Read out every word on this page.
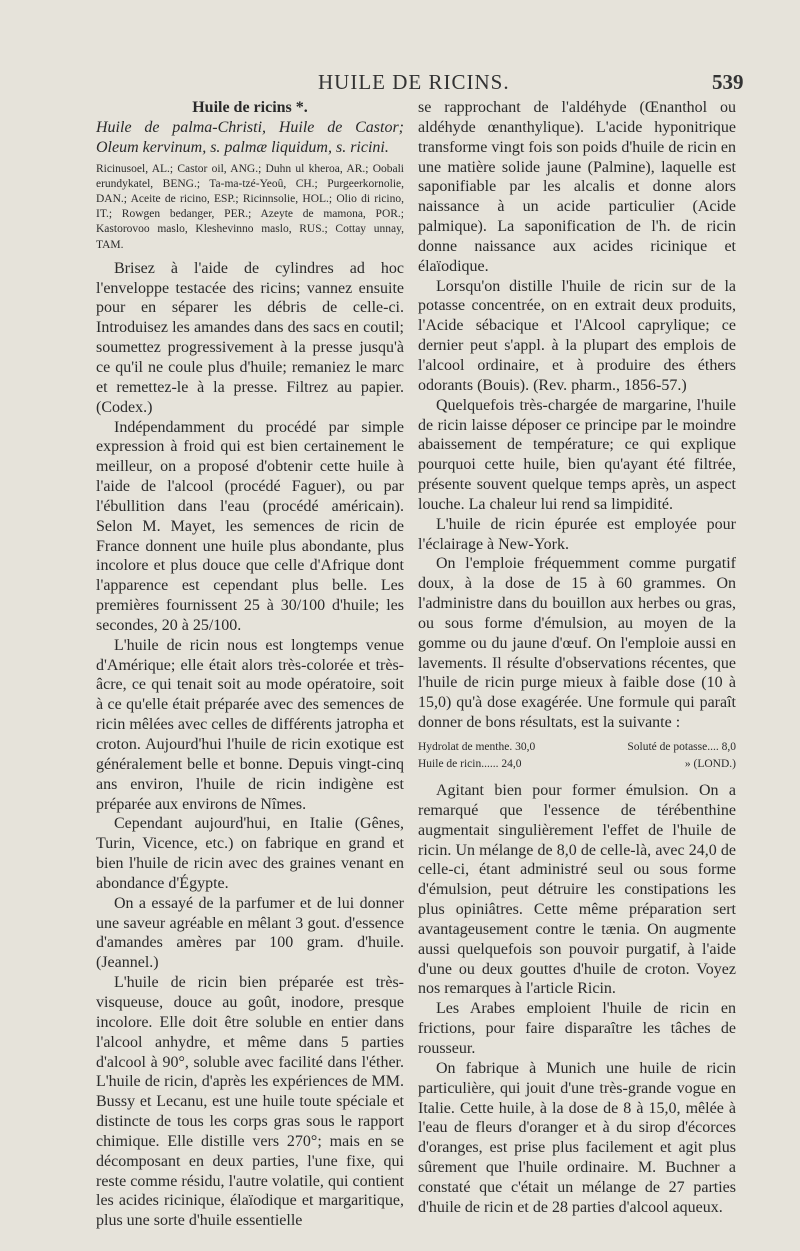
HUILE DE RICINS.	539

Huile de ricins *.

Huile de palma-Christi, Huile de Castor; Oleum kervinum, s. palmæ liquidum, s. ricini.

Ricinusoel, AL.; Castor oil, ANG.; Duhn ul kheroa, AR.; Oobali erundykatel, BENG.; Ta-ma-tzé-Yeoû, CH.; Purgeerkornolie, DAN.; Aceite de ricino, ESP.; Ricinnsolie, HOL.; Olio di ricino, IT.; Rowgen bedanger, PER.; Azeyte de mamona, POR.; Kastorovoo maslo, Kleshevinno maslo, RUS.; Cottay unnay, TAM.

Brisez à l'aide de cylindres ad hoc l'enveloppe testacée des ricins; vannez ensuite pour en séparer les débris de celle-ci. Introduisez les amandes dans des sacs en coutil; soumettez progressivement à la presse jusqu'à ce qu'il ne coule plus d'huile; remaniez le marc et remettez-le à la presse. Filtrez au papier. (Codex.)

Indépendamment du procédé par simple expression à froid qui est bien certainement le meilleur, on a proposé d'obtenir cette huile à l'aide de l'alcool (procédé Faguer), ou par l'ébullition dans l'eau (procédé américain). Selon M. Mayet, les semences de ricin de France donnent une huile plus abondante, plus incolore et plus douce que celle d'Afrique dont l'apparence est cependant plus belle. Les premières fournissent 25 à 30/100 d'huile; les secondes, 20 à 25/100.

L'huile de ricin nous est longtemps venue d'Amérique; elle était alors très-colorée et très-âcre, ce qui tenait soit au mode opératoire, soit à ce qu'elle était préparée avec des semences de ricin mêlées avec celles de différents jatropha et croton. Aujourd'hui l'huile de ricin exotique est généralement belle et bonne. Depuis vingt-cinq ans environ, l'huile de ricin indigène est préparée aux environs de Nîmes.

Cependant aujourd'hui, en Italie (Gênes, Turin, Vicence, etc.) on fabrique en grand et bien l'huile de ricin avec des graines venant en abondance d'Égypte.

On a essayé de la parfumer et de lui donner une saveur agréable en mêlant 3 gout. d'essence d'amandes amères par 100 gram. d'huile. (Jeannel.)

L'huile de ricin bien préparée est très-visqueuse, douce au goût, inodore, presque incolore. Elle doit être soluble en entier dans l'alcool anhydre, et même dans 5 parties d'alcool à 90°, soluble avec facilité dans l'éther. L'huile de ricin, d'après les expériences de MM. Bussy et Lecanu, est une huile toute spéciale et distincte de tous les corps gras sous le rapport chimique. Elle distille vers 270°; mais en se décomposant en deux parties, l'une fixe, qui reste comme résidu, l'autre volatile, qui contient les acides ricinique, élaïodique et margaritique, plus une sorte d'huile essentielle

se rapprochant de l'aldéhyde (Œnanthol ou aldéhyde œnanthylique). L'acide hyponitrique transforme vingt fois son poids d'huile de ricin en une matière solide jaune (Palmine), laquelle est saponifiable par les alcalis et donne alors naissance à un acide particulier (Acide palmique). La saponification de l'h. de ricin donne naissance aux acides ricinique et élaïodique.

Lorsqu'on distille l'huile de ricin sur de la potasse concentrée, on en extrait deux produits, l'Acide sébacique et l'Alcool caprylique; ce dernier peut s'appl. à la plupart des emplois de l'alcool ordinaire, et à produire des éthers odorants (Bouis). (Rev. pharm., 1856-57.)

Quelquefois très-chargée de margarine, l'huile de ricin laisse déposer ce principe par le moindre abaissement de température; ce qui explique pourquoi cette huile, bien qu'ayant été filtrée, présente souvent quelque temps après, un aspect louche. La chaleur lui rend sa limpidité.

L'huile de ricin épurée est employée pour l'éclairage à New-York.

On l'emploie fréquemment comme purgatif doux, à la dose de 15 à 60 grammes. On l'administre dans du bouillon aux herbes ou gras, ou sous forme d'émulsion, au moyen de la gomme ou du jaune d'œuf. On l'emploie aussi en lavements. Il résulte d'observations récentes, que l'huile de ricin purge mieux à faible dose (10 à 15,0) qu'à dose exagérée. Une formule qui paraît donner de bons résultats, est la suivante :

Hydrolat de menthe. 30,0
Huile de ricin...... 24,0
Soluté de potasse.... 8,0
» (LOND.)

Agitant bien pour former émulsion. On a remarqué que l'essence de térébenthine augmentait singulièrement l'effet de l'huile de ricin. Un mélange de 8,0 de celle-là, avec 24,0 de celle-ci, étant administré seul ou sous forme d'émulsion, peut détruire les constipations les plus opiniâtres. Cette même préparation sert avantageusement contre le tænia. On augmente aussi quelquefois son pouvoir purgatif, à l'aide d'une ou deux gouttes d'huile de croton. Voyez nos remarques à l'article Ricin.

Les Arabes emploient l'huile de ricin en frictions, pour faire disparaître les tâches de rousseur.

On fabrique à Munich une huile de ricin particulière, qui jouit d'une très-grande vogue en Italie. Cette huile, à la dose de 8 à 15,0, mêlée à l'eau de fleurs d'oranger et à du sirop d'écorces d'oranges, est prise plus facilement et agit plus sûrement que l'huile ordinaire. M. Buchner a constaté que c'était un mélange de 27 parties d'huile de ricin et de 28 parties d'alcool aqueux.
